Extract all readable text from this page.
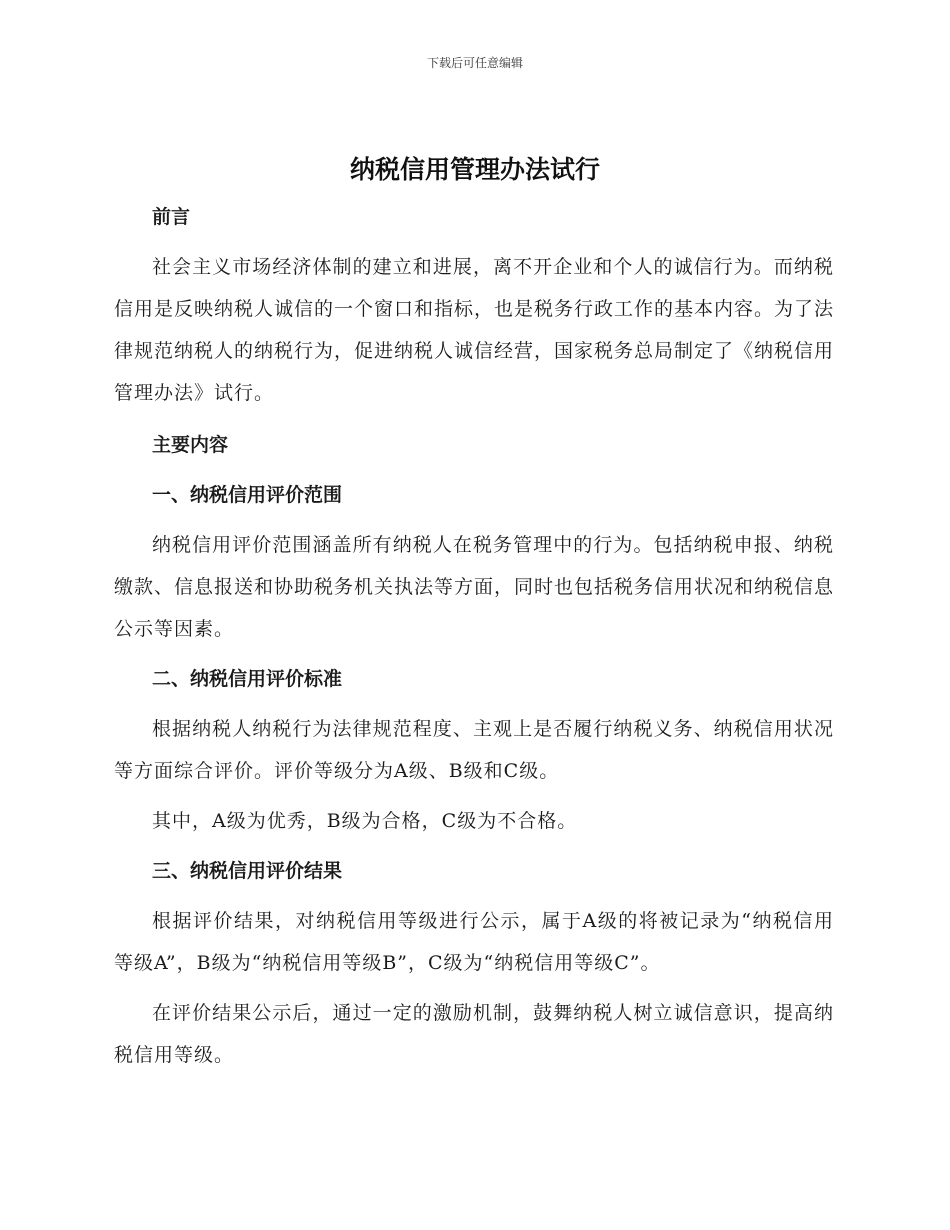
下载后可任意编辑
纳税信用管理办法试行

前言

社会主义市场经济体制的建立和进展，离不开企业和个人的诚信行为。而纳税信用是反映纳税人诚信的一个窗口和指标，也是税务行政工作的基本内容。为了法律规范纳税人的纳税行为，促进纳税人诚信经营，国家税务总局制定了《纳税信用管理办法》试行。

主要内容

一、纳税信用评价范围

纳税信用评价范围涵盖所有纳税人在税务管理中的行为。包括纳税申报、纳税缴款、信息报送和协助税务机关执法等方面，同时也包括税务信用状况和纳税信息公示等因素。

二、纳税信用评价标准

根据纳税人纳税行为法律规范程度、主观上是否履行纳税义务、纳税信用状况等方面综合评价。评价等级分为A级、B级和C级。

其中，A级为优秀，B级为合格，C级为不合格。

三、纳税信用评价结果

根据评价结果，对纳税信用等级进行公示，属于A级的将被记录为“纳税信用等级A”，B级为“纳税信用等级B”，C级为“纳税信用等级C”。

在评价结果公示后，通过一定的激励机制，鼓舞纳税人树立诚信意识，提高纳税信用等级。
